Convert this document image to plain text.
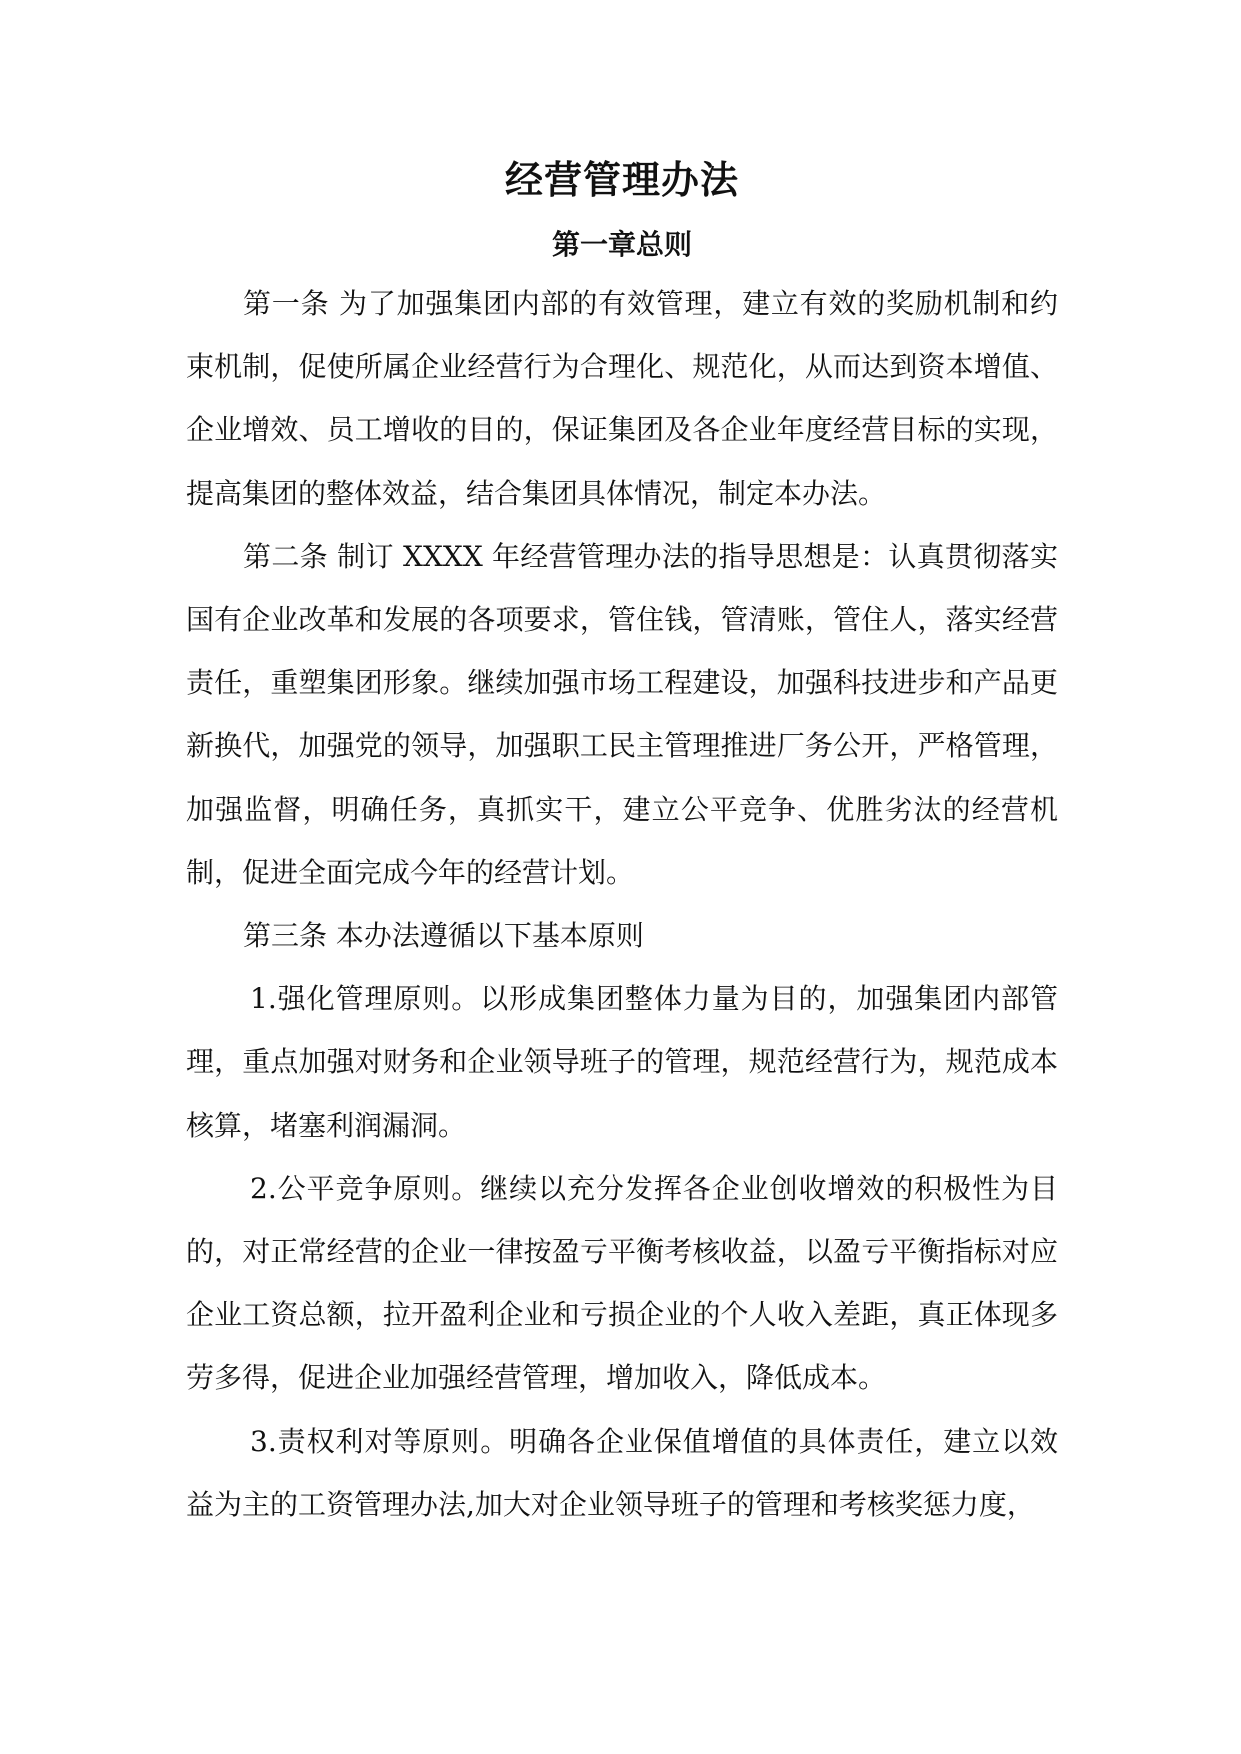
经营管理办法
第一章总则

第一条 为了加强集团内部的有效管理，建立有效的奖励机制和约束机制，促使所属企业经营行为合理化、规范化，从而达到资本增值、企业增效、员工增收的目的，保证集团及各企业年度经营目标的实现，提高集团的整体效益，结合集团具体情况，制定本办法。

第二条 制订 XXXX 年经营管理办法的指导思想是：认真贯彻落实国有企业改革和发展的各项要求，管住钱，管清账，管住人，落实经营责任，重塑集团形象。继续加强市场工程建设，加强科技进步和产品更新换代，加强党的领导，加强职工民主管理推进厂务公开，严格管理，加强监督，明确任务，真抓实干，建立公平竞争、优胜劣汰的经营机制，促进全面完成今年的经营计划。

第三条 本办法遵循以下基本原则

1.强化管理原则。以形成集团整体力量为目的，加强集团内部管理，重点加强对财务和企业领导班子的管理，规范经营行为，规范成本核算，堵塞利润漏洞。

2.公平竞争原则。继续以充分发挥各企业创收增效的积极性为目的，对正常经营的企业一律按盈亏平衡考核收益，以盈亏平衡指标对应企业工资总额，拉开盈利企业和亏损企业的个人收入差距，真正体现多劳多得，促进企业加强经营管理，增加收入，降低成本。

3.责权利对等原则。明确各企业保值增值的具体责任，建立以效益为主的工资管理办法,加大对企业领导班子的管理和考核奖惩力度，
